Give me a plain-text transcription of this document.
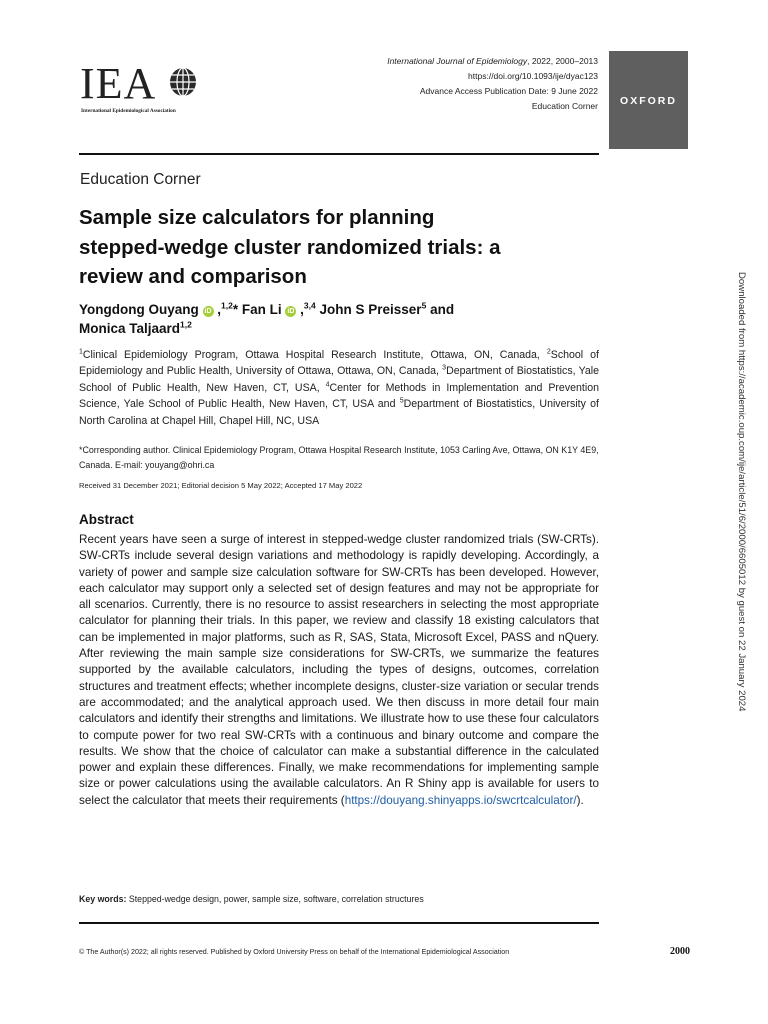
IEA
International Epidemiological Association
International Journal of Epidemiology, 2022, 2000–2013
https://doi.org/10.1093/ije/dyac123
Advance Access Publication Date: 9 June 2022
Education Corner	OXFORD
Education Corner
Sample size calculators for planning stepped-wedge cluster randomized trials: a review and comparison
Yongdong Ouyang iD ,$^{1,2}$* Fan Li iD ,$^{3,4}$ John S Preisser$^5$ and
Monica Taljaard$^{1,2}$
$^1$Clinical Epidemiology Program, Ottawa Hospital Research Institute, Ottawa, ON, Canada, $^2$School of Epidemiology and Public Health, University of Ottawa, Ottawa, ON, Canada, $^3$Department of Biostatistics, Yale School of Public Health, New Haven, CT, USA, $^4$Center for Methods in Implementation and Prevention Science, Yale School of Public Health, New Haven, CT, USA and $^5$Department of Biostatistics, University of North Carolina at Chapel Hill, Chapel Hill, NC, USA
*Corresponding author. Clinical Epidemiology Program, Ottawa Hospital Research Institute, 1053 Carling Ave, Ottawa, ON K1Y 4E9, Canada. E-mail: youyang@ohri.ca
Received 31 December 2021; Editorial decision 5 May 2022; Accepted 17 May 2022
Abstract
Recent years have seen a surge of interest in stepped-wedge cluster randomized trials (SW-CRTs). SW-CRTs include several design variations and methodology is rapidly developing. Accordingly, a variety of power and sample size calculation software for SW-CRTs has been developed. However, each calculator may support only a selected set of design features and may not be appropriate for all scenarios. Currently, there is no resource to assist researchers in selecting the most appropriate calculator for planning their trials. In this paper, we review and classify 18 existing calculators that can be implemented in major platforms, such as R, SAS, Stata, Microsoft Excel, PASS and nQuery. After reviewing the main sample size considerations for SW-CRTs, we summarize the features supported by the available calculators, including the types of designs, outcomes, correlation structures and treatment effects; whether incomplete designs, cluster-size variation or secular trends are accommodated; and the analytical approach used. We then discuss in more detail four main calculators and identify their strengths and limitations. We illustrate how to use these four calculators to compute power for two real SW-CRTs with a continuous and binary outcome and compare the results. We show that the choice of calculator can make a substantial difference in the calculated power and explain these differences. Finally, we make recommendations for implementing sample size or power calculations using the available calculators. An R Shiny app is available for users to select the calculator that meets their requirements (https://douyang.shinyapps.io/swcrtcalculator/).
Key words: Stepped-wedge design, power, sample size, software, correlation structures
© The Author(s) 2022; all rights reserved. Published by Oxford University Press on behalf of the International Epidemiological Association	2000
Downloaded from https://academic.oup.com/ije/article/51/6/2000/6605012 by guest on 22 January 2024
